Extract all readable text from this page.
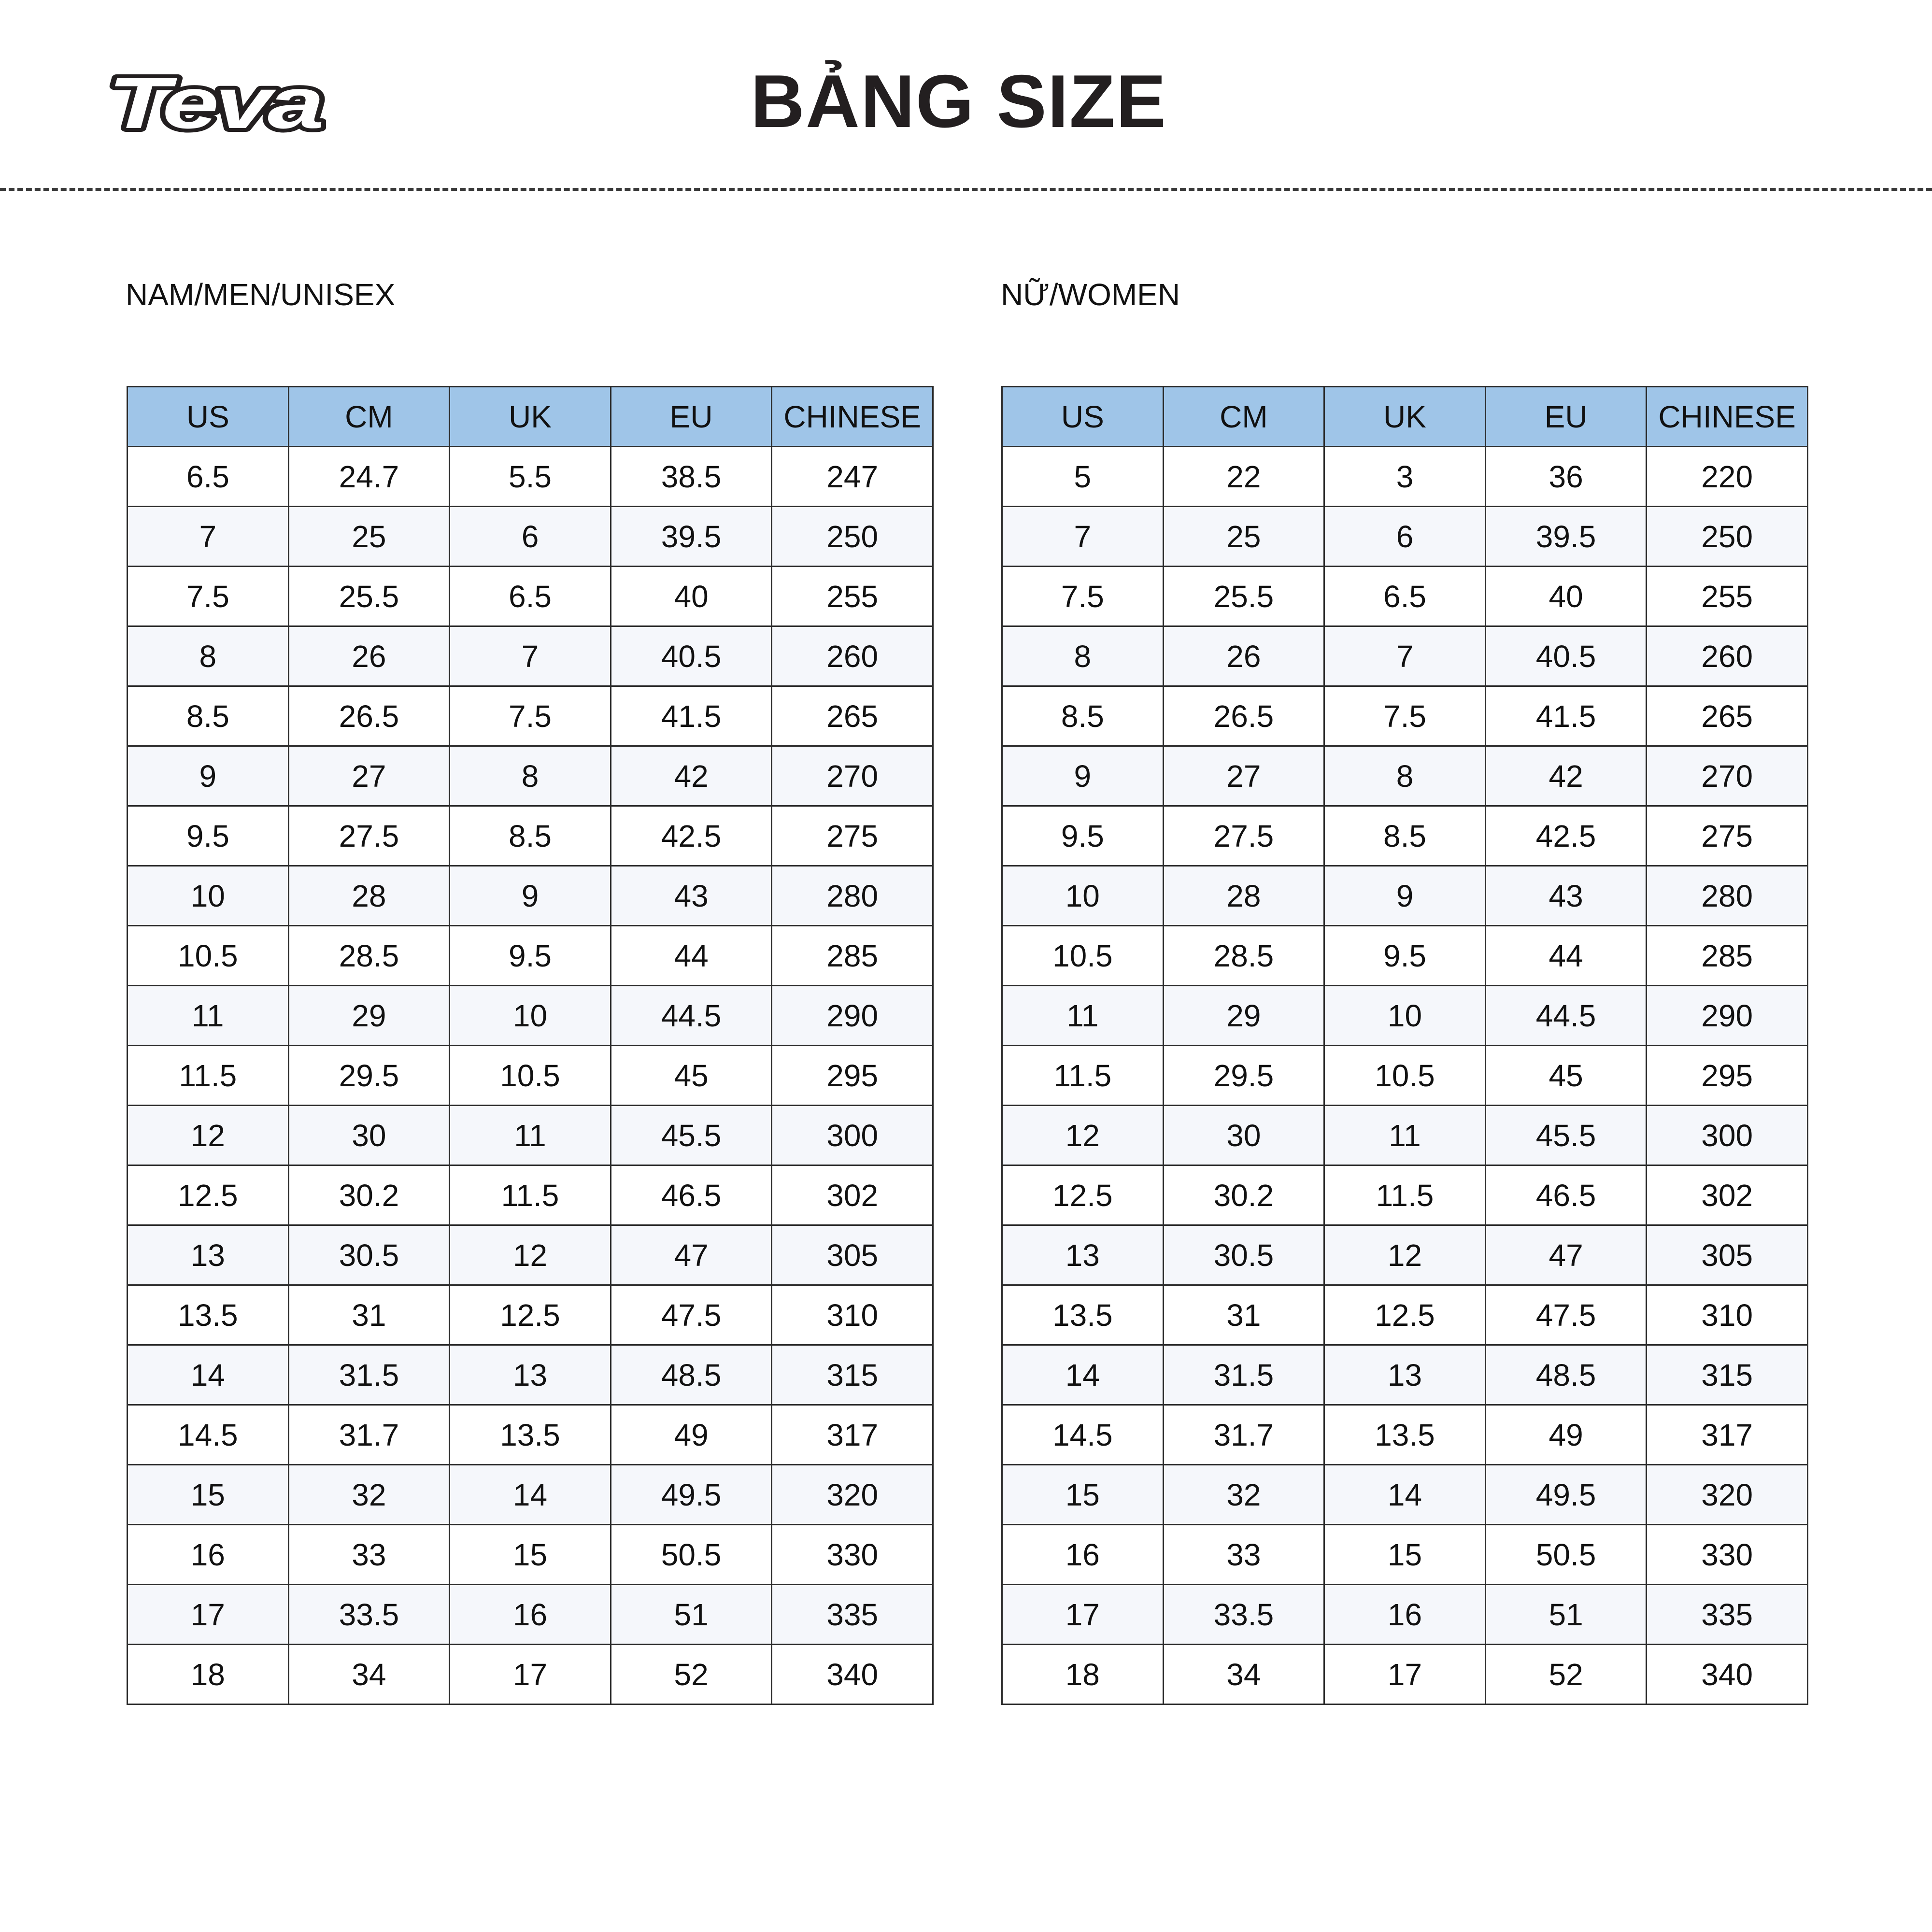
Teva	BẢNG SIZE
NAM/MEN/UNISEX	NỮ/WOMEN
US	CM	UK	EU	CHINESE
6.5	24.7	5.5	38.5	247
7	25	6	39.5	250
7.5	25.5	6.5	40	255
8	26	7	40.5	260
8.5	26.5	7.5	41.5	265
9	27	8	42	270
9.5	27.5	8.5	42.5	275
10	28	9	43	280
10.5	28.5	9.5	44	285
11	29	10	44.5	290
11.5	29.5	10.5	45	295
12	30	11	45.5	300
12.5	30.2	11.5	46.5	302
13	30.5	12	47	305
13.5	31	12.5	47.5	310
14	31.5	13	48.5	315
14.5	31.7	13.5	49	317
15	32	14	49.5	320
16	33	15	50.5	330
17	33.5	16	51	335
18	34	17	52	340
US	CM	UK	EU	CHINESE
5	22	3	36	220
7	25	6	39.5	250
7.5	25.5	6.5	40	255
8	26	7	40.5	260
8.5	26.5	7.5	41.5	265
9	27	8	42	270
9.5	27.5	8.5	42.5	275
10	28	9	43	280
10.5	28.5	9.5	44	285
11	29	10	44.5	290
11.5	29.5	10.5	45	295
12	30	11	45.5	300
12.5	30.2	11.5	46.5	302
13	30.5	12	47	305
13.5	31	12.5	47.5	310
14	31.5	13	48.5	315
14.5	31.7	13.5	49	317
15	32	14	49.5	320
16	33	15	50.5	330
17	33.5	16	51	335
18	34	17	52	340
